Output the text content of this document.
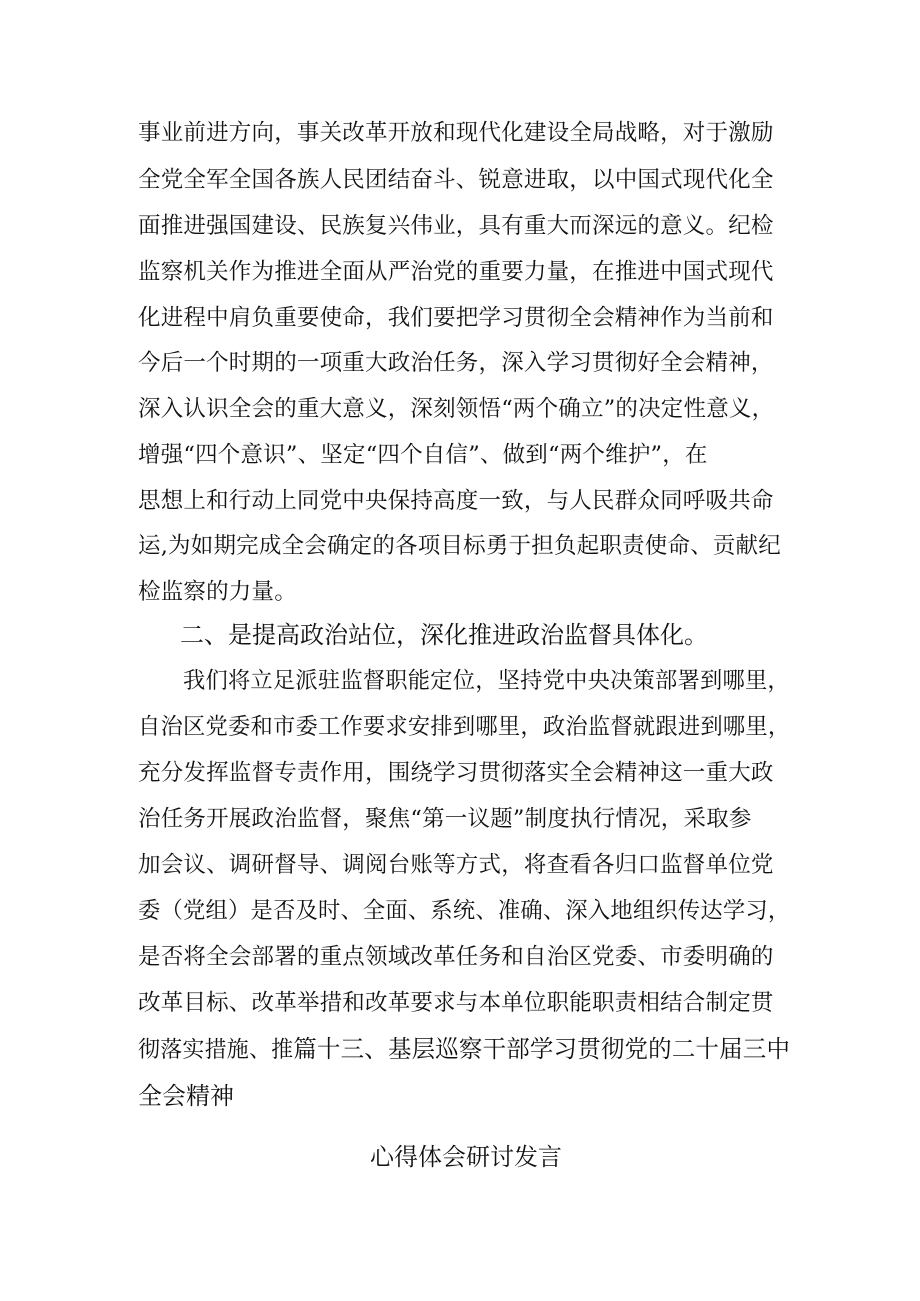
事业前进方向，事关改革开放和现代化建设全局战略，对于激励
全党全军全国各族人民团结奋斗、锐意进取，以中国式现代化全
面推进强国建设、民族复兴伟业，具有重大而深远的意义。纪检
监察机关作为推进全面从严治党的重要力量，在推进中国式现代
化进程中肩负重要使命，我们要把学习贯彻全会精神作为当前和
今后一个时期的一项重大政治任务，深入学习贯彻好全会精神，
深入认识全会的重大意义，深刻领悟“两个确立”的决定性意义，
增强“四个意识”、坚定“四个自信”、做到“两个维护”，在
思想上和行动上同党中央保持高度一致，与人民群众同呼吸共命
运,为如期完成全会确定的各项目标勇于担负起职责使命、贡献纪
检监察的力量。
二、是提高政治站位，深化推进政治监督具体化。
我们将立足派驻监督职能定位，坚持党中央决策部署到哪里，
自治区党委和市委工作要求安排到哪里，政治监督就跟进到哪里，
充分发挥监督专责作用，围绕学习贯彻落实全会精神这一重大政
治任务开展政治监督，聚焦“第一议题”制度执行情况，采取参
加会议、调研督导、调阅台账等方式，将查看各归口监督单位党
委（党组）是否及时、全面、系统、准确、深入地组织传达学习，
是否将全会部署的重点领域改革任务和自治区党委、市委明确的
改革目标、改革举措和改革要求与本单位职能职责相结合制定贯
彻落实措施、推篇十三、基层巡察干部学习贯彻党的二十届三中
全会精神
心得体会研讨发言
